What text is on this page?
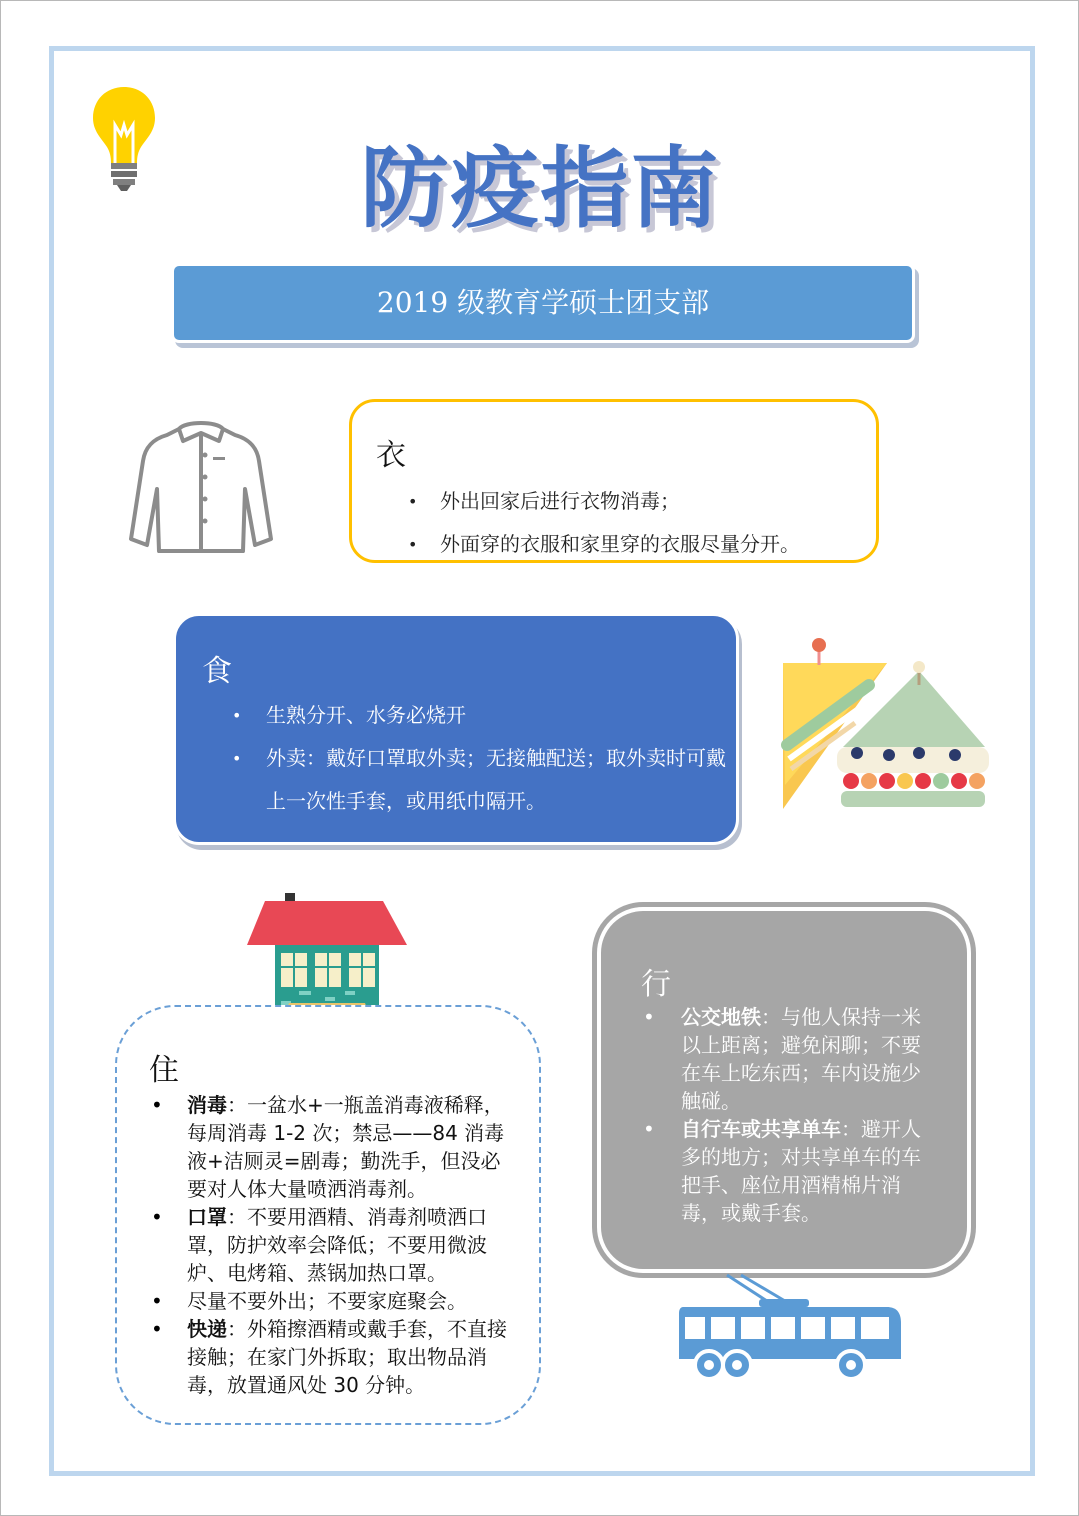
防疫指南
2019 级教育学硕士团支部
衣
• 外出回家后进行衣物消毒；
• 外面穿的衣服和家里穿的衣服尽量分开。
食
• 生熟分开、水务必烧开
• 外卖：戴好口罩取外卖；无接触配送；取外卖时可戴上一次性手套，或用纸巾隔开。
住
• 消毒：一盆水+一瓶盖消毒液稀释，每周消毒 1-2 次；禁忌——84 消毒液+洁厕灵=剧毒；勤洗手，但没必要对人体大量喷洒消毒剂。
• 口罩：不要用酒精、消毒剂喷洒口罩，防护效率会降低；不要用微波炉、电烤箱、蒸锅加热口罩。
• 尽量不要外出；不要家庭聚会。
• 快递：外箱擦酒精或戴手套，不直接接触；在家门外拆取；取出物品消毒，放置通风处 30 分钟。
行
• 公交地铁：与他人保持一米以上距离；避免闲聊；不要在车上吃东西；车内设施少触碰。
• 自行车或共享单车：避开人多的地方；对共享单车的车把手、座位用酒精棉片消毒，或戴手套。
